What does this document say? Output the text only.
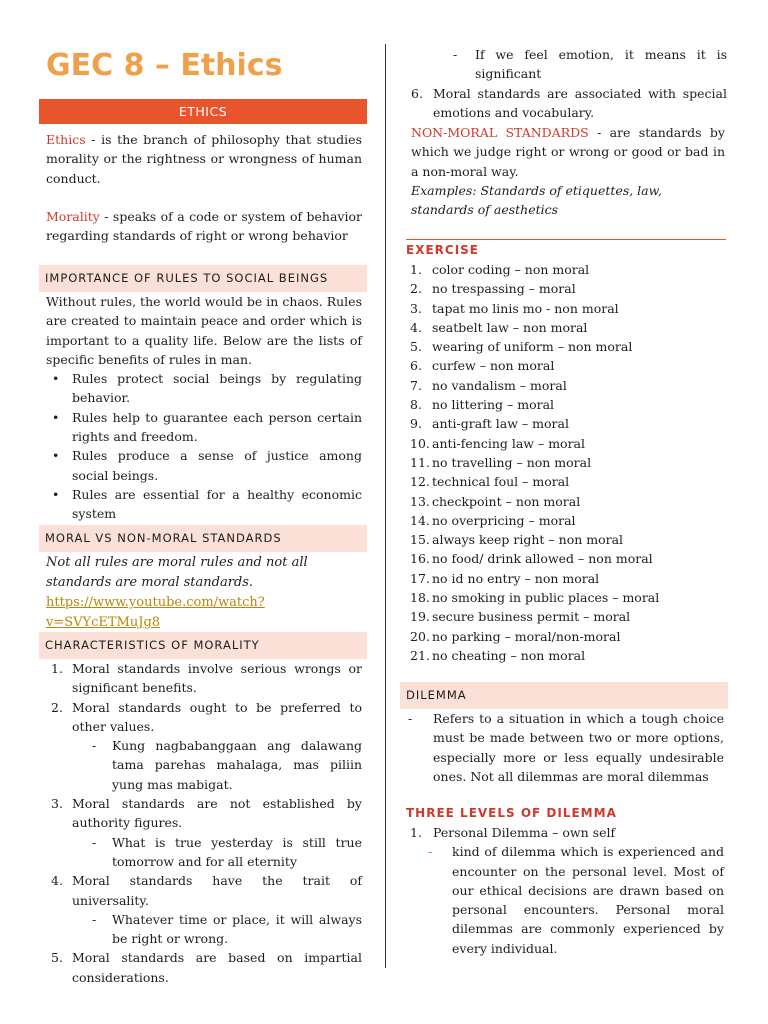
GEC 8 – Ethics
ETHICS
Ethics - is the branch of philosophy that studies morality or the rightness or wrongness of human conduct.
Morality - speaks of a code or system of behavior regarding standards of right or wrong behavior
IMPORTANCE OF RULES TO SOCIAL BEINGS

Without rules, the world would be in chaos. Rules are created to maintain peace and order which is important to a quality life. Below are the lists of specific benefits of rules in man.

• Rules protect social beings by regulating behavior.
• Rules help to guarantee each person certain rights and freedom.
• Rules produce a sense of justice among social beings.
• Rules are essential for a healthy economic system
MORAL VS NON-MORAL STANDARDS

Not all rules are moral rules and not all standards are moral standards.

https://www.youtube.com/watch?v=SVYcETMuJg8

CHARACTERISTICS OF MORALITY
1. Moral standards involve serious wrongs or significant benefits.
2. Moral standards ought to be preferred to other values.
- Kung nagbabanggaan ang dalawang tama parehas mahalaga, mas piliin yung mas mabigat.
3. Moral standards are not established by authority figures.
- What is true yesterday is still true tomorrow and for all eternity
4. Moral standards have the trait of universality.
- Whatever time or place, it will always be right or wrong.
5. Moral standards are based on impartial considerations.
- If we feel emotion, it means it is significant
6. Moral standards are associated with special emotions and vocabulary.
NON-MORAL STANDARDS - are standards by which we judge right or wrong or good or bad in a non-moral way.

Examples: Standards of etiquettes, law, standards of aesthetics

EXERCISE
1. color coding – non moral
2. no trespassing – moral
3. tapat mo linis mo - non moral
4. seatbelt law – non moral
5. wearing of uniform – non moral
6. curfew – non moral
7. no vandalism – moral
8. no littering – moral
9. anti-graft law – moral
10. anti-fencing law – moral
11. no travelling – non moral
12. technical foul – moral
13. checkpoint – non moral
14. no overpricing – moral
15. always keep right – non moral
16. no food/ drink allowed – non moral
17. no id no entry – non moral
18. no smoking in public places – moral
19. secure business permit – moral
20. no parking – moral/non-moral
21. no cheating – non moral
DILEMMA
- Refers to a situation in which a tough choice must be made between two or more options, especially more or less equally undesirable ones. Not all dilemmas are moral dilemmas
THREE LEVELS OF DILEMMA
1. Personal Dilemma – own self
- kind of dilemma which is experienced and encounter on the personal level. Most of our ethical decisions are drawn based on personal encounters. Personal moral dilemmas are commonly experienced by every individual.
